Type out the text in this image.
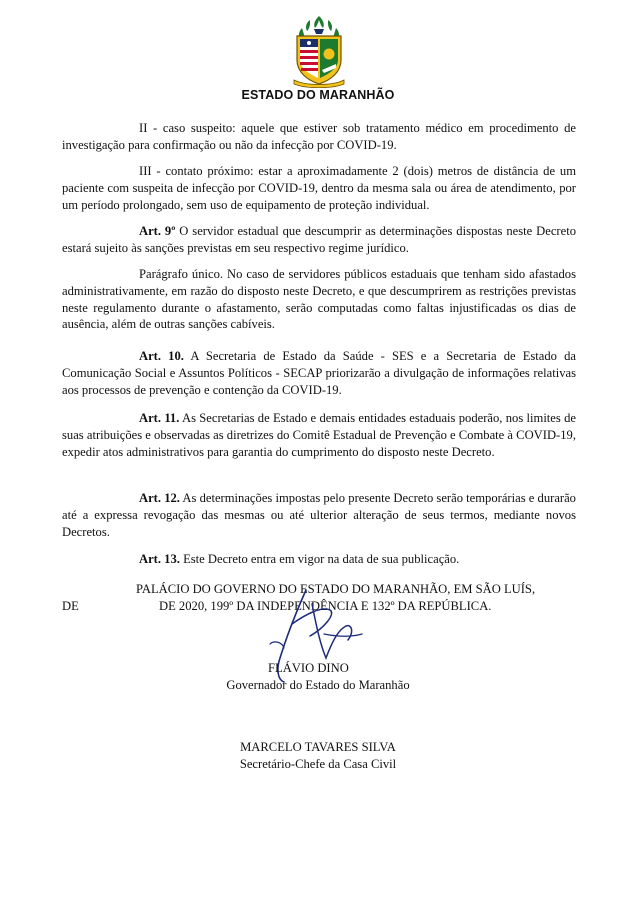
ESTADO DO MARANHÃO
II - caso suspeito: aquele que estiver sob tratamento médico em procedimento de investigação para confirmação ou não da infecção por COVID-19.
III - contato próximo: estar a aproximadamente 2 (dois) metros de distância de um paciente com suspeita de infecção por COVID-19, dentro da mesma sala ou área de atendimento, por um período prolongado, sem uso de equipamento de proteção individual.
Art. 9º O servidor estadual que descumprir as determinações dispostas neste Decreto estará sujeito às sanções previstas em seu respectivo regime jurídico.
Parágrafo único. No caso de servidores públicos estaduais que tenham sido afastados administrativamente, em razão do disposto neste Decreto, e que descumprirem as restrições previstas neste regulamento durante o afastamento, serão computadas como faltas injustificadas os dias de ausência, além de outras sanções cabíveis.
Art. 10. A Secretaria de Estado da Saúde - SES e a Secretaria de Estado da Comunicação Social e Assuntos Políticos - SECAP priorizarão a divulgação de informações relativas aos processos de prevenção e contenção da COVID-19.
Art. 11. As Secretarias de Estado e demais entidades estaduais poderão, nos limites de suas atribuições e observadas as diretrizes do Comitê Estadual de Prevenção e Combate à COVID-19, expedir atos administrativos para garantia do cumprimento do disposto neste Decreto.
Art. 12. As determinações impostas pelo presente Decreto serão temporárias e durarão até a expressa revogação das mesmas ou até ulterior alteração de seus termos, mediante novos Decretos.
Art. 13. Este Decreto entra em vigor na data de sua publicação.
PALÁCIO DO GOVERNO DO ESTADO DO MARANHÃO, EM SÃO LUÍS,
DE	DE 2020, 199º DA INDEPENDÊNCIA E 132º DA REPÚBLICA.
FLÁVIO DINO
Governador do Estado do Maranhão
MARCELO TAVARES SILVA
Secretário-Chefe da Casa Civil
